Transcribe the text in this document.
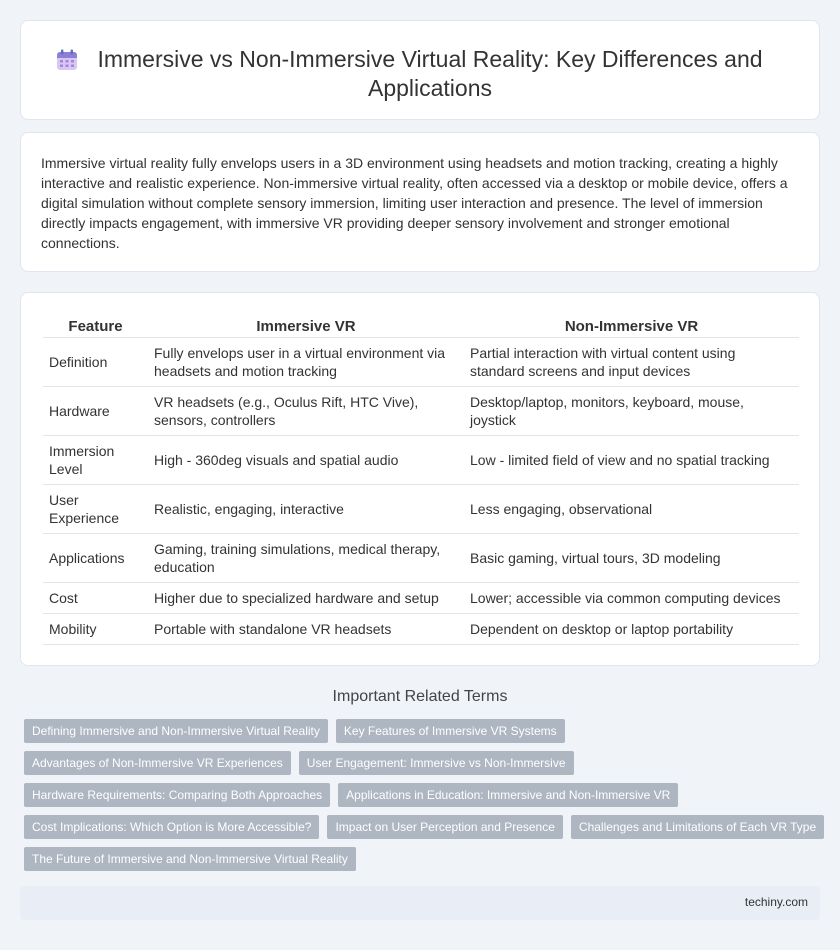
Immersive vs Non-Immersive Virtual Reality: Key Differences and Applications

Immersive virtual reality fully envelops users in a 3D environment using headsets and motion tracking, creating a highly interactive and realistic experience. Non-immersive virtual reality, often accessed via a desktop or mobile device, offers a digital simulation without complete sensory immersion, limiting user interaction and presence. The level of immersion directly impacts engagement, with immersive VR providing deeper sensory involvement and stronger emotional connections.

Feature	Immersive VR	Non-Immersive VR
Definition	Fully envelops user in a virtual environment via headsets and motion tracking	Partial interaction with virtual content using standard screens and input devices
Hardware	VR headsets (e.g., Oculus Rift, HTC Vive), sensors, controllers	Desktop/laptop, monitors, keyboard, mouse, joystick
Immersion Level	High - 360deg visuals and spatial audio	Low - limited field of view and no spatial tracking
User Experience	Realistic, engaging, interactive	Less engaging, observational
Applications	Gaming, training simulations, medical therapy, education	Basic gaming, virtual tours, 3D modeling
Cost	Higher due to specialized hardware and setup	Lower; accessible via common computing devices
Mobility	Portable with standalone VR headsets	Dependent on desktop or laptop portability
Important Related Terms
Defining Immersive and Non-Immersive Virtual Reality Key Features of Immersive VR Systems
Advantages of Non-Immersive VR Experiences User Engagement: Immersive vs Non-Immersive
Hardware Requirements: Comparing Both Approaches Applications in Education: Immersive and Non-Immersive VR
Cost Implications: Which Option is More Accessible? Impact on User Perception and Presence Challenges and Limitations of Each VR Type
The Future of Immersive and Non-Immersive Virtual Reality
techiny.com
